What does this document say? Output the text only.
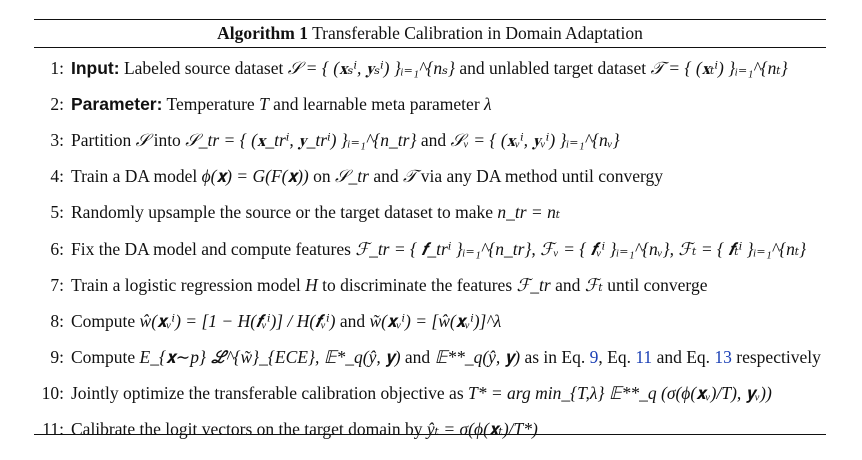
Algorithm 1 Transferable Calibration in Domain Adaptation
1: Input: Labeled source dataset 𝒮 = { (𝐱ₛⁱ, 𝐲ₛⁱ) }ᵢ₌₁^{nₛ} and unlabled target dataset 𝒯 = { (𝐱ₜⁱ) }ᵢ₌₁^{nₜ}
2: Parameter: Temperature T and learnable meta parameter λ
3: Partition 𝒮 into 𝒮_tr = { (𝐱_trⁱ, 𝐲_trⁱ) }ᵢ₌₁^{n_tr} and 𝒮ᵥ = { (𝐱ᵥⁱ, 𝐲ᵥⁱ) }ᵢ₌₁^{nᵥ}
4: Train a DA model ϕ(𝐱) = G(F(𝐱)) on 𝒮_tr and 𝒯 via any DA method until convergy
5: Randomly upsample the source or the target dataset to make n_tr = nₜ
6: Fix the DA model and compute features ℱ_tr = { 𝒇_trⁱ }ᵢ₌₁^{n_tr}, ℱᵥ = { 𝒇ᵥⁱ }ᵢ₌₁^{nᵥ}, ℱₜ = { 𝒇ₜⁱ }ᵢ₌₁^{nₜ}
7: Train a logistic regression model H to discriminate the features ℱ_tr and ℱₜ until converge
8: Compute ŵ(𝐱ᵥⁱ) = [1 − H(𝒇ᵥⁱ)] / H(𝒇ᵥⁱ) and w̃(𝐱ᵥⁱ) = [ŵ(𝐱ᵥⁱ)]^λ
9: Compute E_{𝐱∼p} ℒ^{w̃}_{ECE}, 𝔼*_q(ŷ, 𝐲) and 𝔼**_q(ŷ, 𝐲) as in Eq. 9, Eq. 11 and Eq. 13 respectively
10: Jointly optimize the transferable calibration objective as T* = arg min_{T,λ} 𝔼**_q (σ(ϕ(𝐱ᵥ)/T), 𝐲ᵥ))
11: Calibrate the logit vectors on the target domain by ŷₜ = σ(ϕ(𝐱ₜ)/T*)
